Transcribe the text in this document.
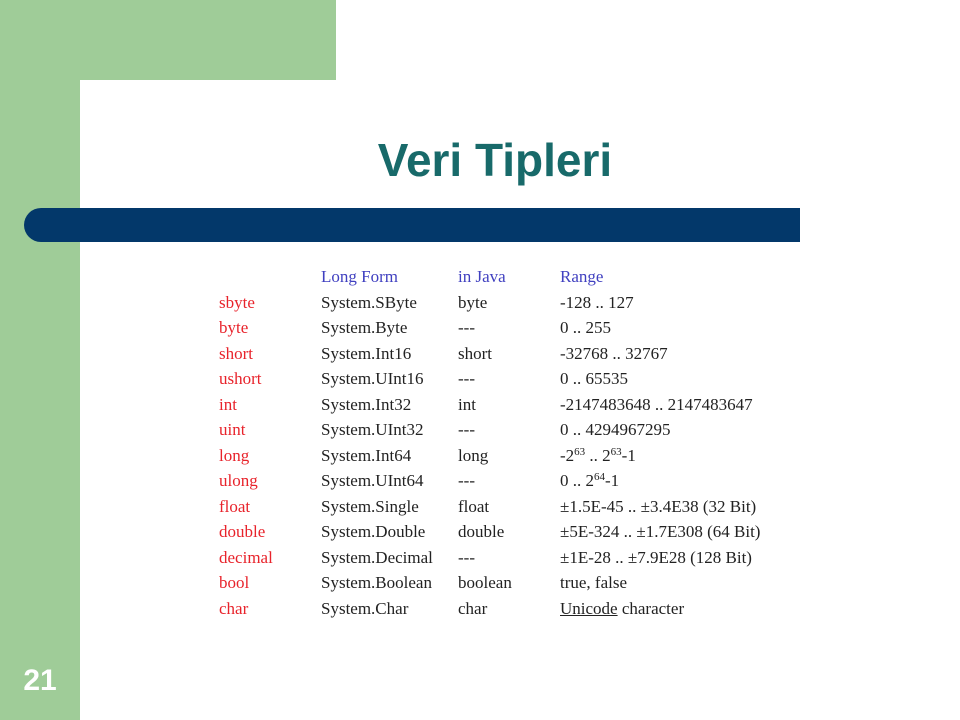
Veri Tipleri
	Long Form	in Java	Range
sbyte	System.SByte	byte	-128 .. 127
byte	System.Byte	---	0 .. 255
short	System.Int16	short	-32768 .. 32767
ushort	System.UInt16	---	0 .. 65535
int	System.Int32	int	-2147483648 .. 2147483647
uint	System.UInt32	---	0 .. 4294967295
long	System.Int64	long	$-2^{63}$ .. $2^{63}-1$
ulong	System.UInt64	---	0 .. $2^{64}-1$
float	System.Single	float	±1.5E-45 .. ±3.4E38 (32 Bit)
double	System.Double	double	±5E-324 .. ±1.7E308 (64 Bit)
decimal	System.Decimal	---	±1E-28 .. ±7.9E28 (128 Bit)
bool	System.Boolean	boolean	true, false
char	System.Char	char	Unicode character
21
